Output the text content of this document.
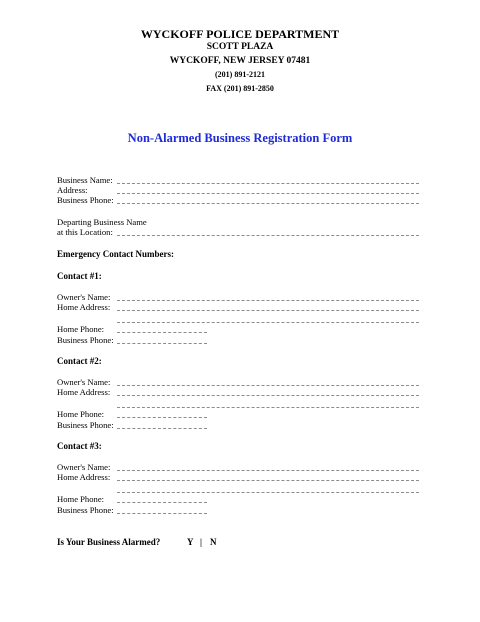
WYCKOFF POLICE DEPARTMENT
SCOTT PLAZA
WYCKOFF, NEW JERSEY 07481
(201) 891-2121
FAX (201) 891-2850
Non-Alarmed Business Registration Form
Business Name:
Address:
Business Phone:
Departing Business Name
at this Location:
Emergency Contact Numbers:
Contact #1:
Owner's Name:
Home Address:
Home Phone:
Business Phone:
Contact #2:
Owner's Name:
Home Address:
Home Phone:
Business Phone:
Contact #3:
Owner's Name:
Home Address:
Home Phone:
Business Phone:
Is Your Business Alarmed?	Y | N
